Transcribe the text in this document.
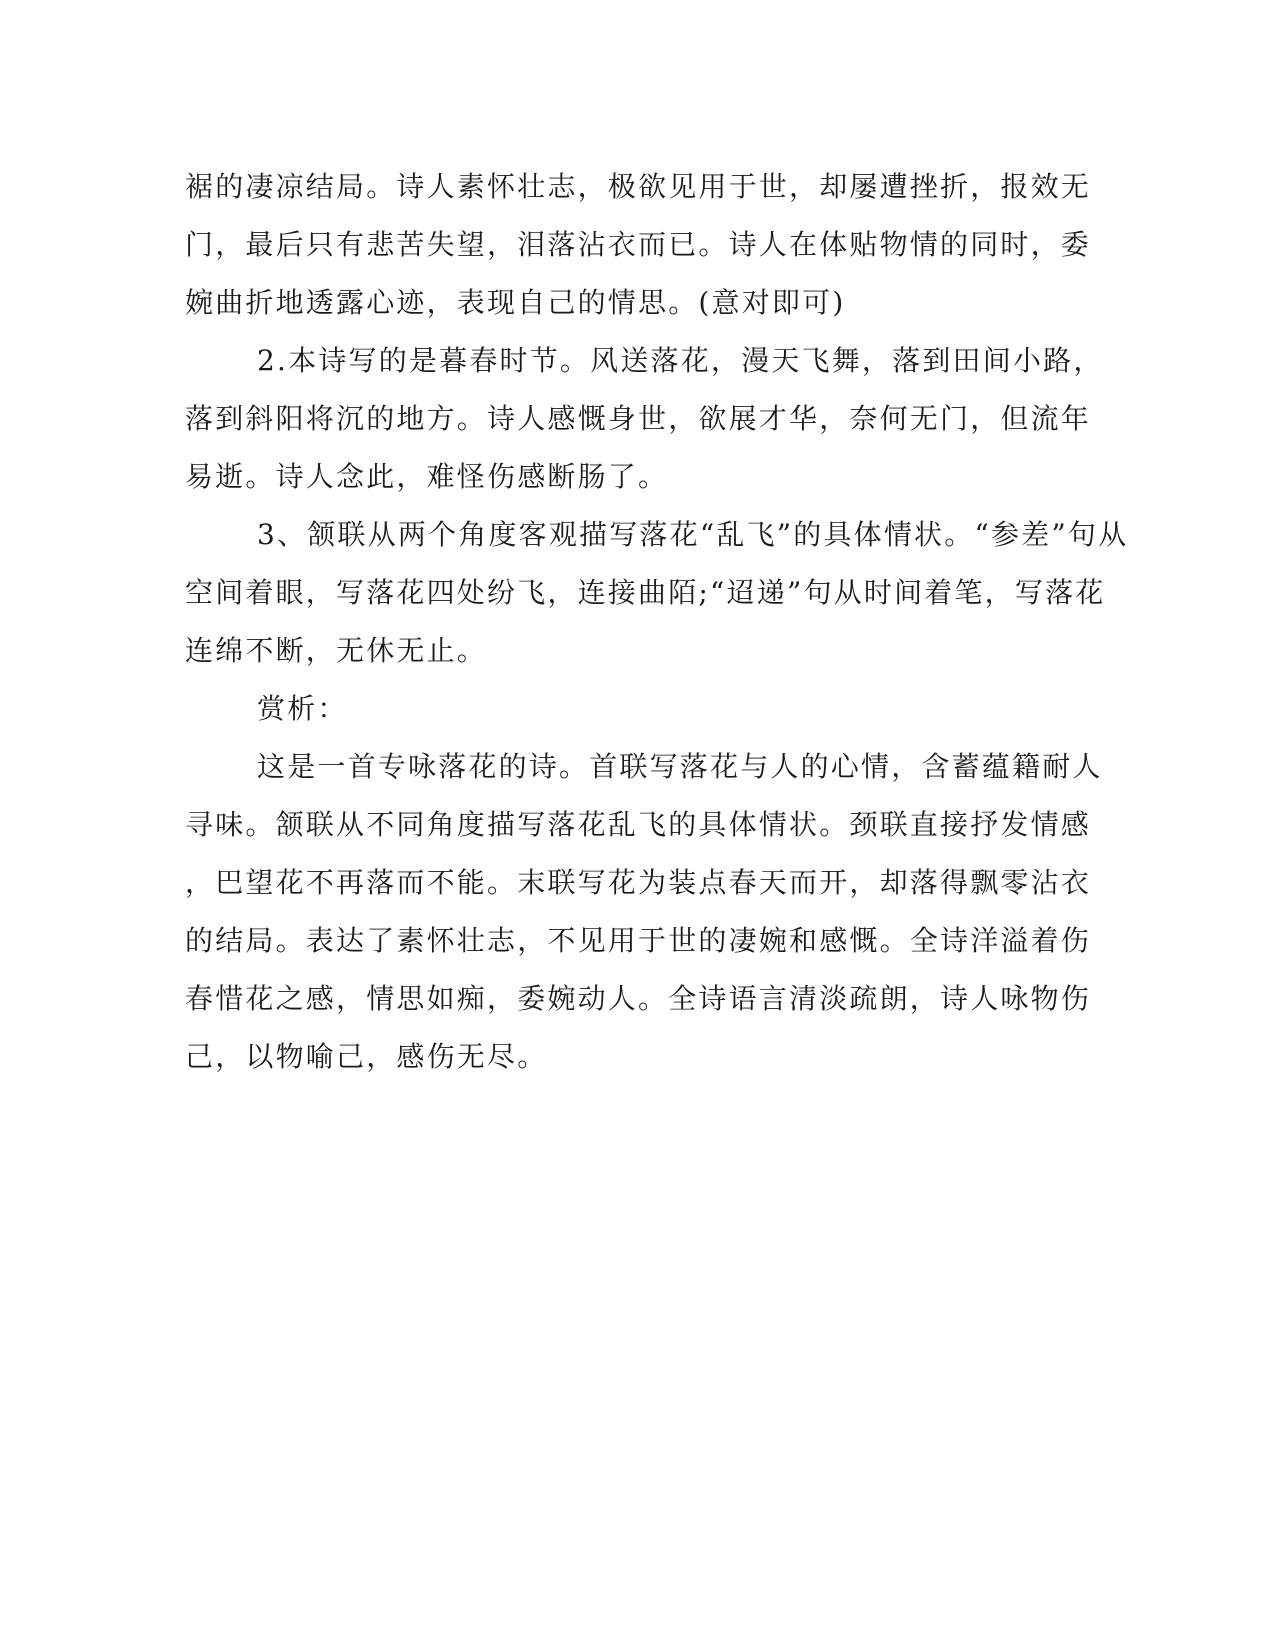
裾的凄凉结局。诗人素怀壮志，极欲见用于世，却屡遭挫折，报效无
门，最后只有悲苦失望，泪落沾衣而已。诗人在体贴物情的同时，委
婉曲折地透露心迹，表现自己的情思。(意对即可)
2.本诗写的是暮春时节。风送落花，漫天飞舞，落到田间小路，
落到斜阳将沉的地方。诗人感慨身世，欲展才华，奈何无门，但流年
易逝。诗人念此，难怪伤感断肠了。
3、颔联从两个角度客观描写落花“乱飞”的具体情状。“参差”句从
空间着眼，写落花四处纷飞，连接曲陌;“迢递”句从时间着笔，写落花
连绵不断，无休无止。
赏析：
这是一首专咏落花的诗。首联写落花与人的心情，含蓄蕴籍耐人
寻味。颔联从不同角度描写落花乱飞的具体情状。颈联直接抒发情感
，巴望花不再落而不能。末联写花为装点春天而开，却落得飘零沾衣
的结局。表达了素怀壮志，不见用于世的凄婉和感慨。全诗洋溢着伤
春惜花之感，情思如痴，委婉动人。全诗语言清淡疏朗，诗人咏物伤
己，以物喻己，感伤无尽。
